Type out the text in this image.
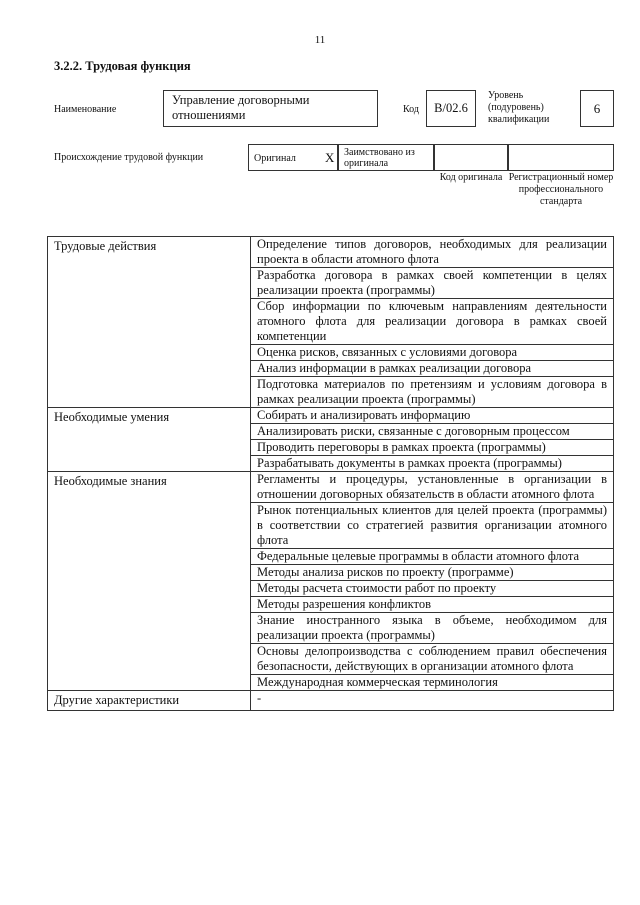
11
3.2.2. Трудовая функция
Наименование
Управление договорными отношениями	Код	B/02.6
Уровень (подуровень) квалификации
6
Происхождение трудовой функции	Оригинал X Заимствовано из оригинала
Код оригинала Регистрационный номер профессионального стандарта
Трудовые действия	Определение типов договоров, необходимых для реализации проекта в области атомного флота
	Разработка договора в рамках своей компетенции в целях реализации проекта (программы)
	Сбор информации по ключевым направлениям деятельности атомного флота для реализации договора в рамках своей компетенции
	Оценка рисков, связанных с условиями договора
	Анализ информации в рамках реализации договора
	Подготовка материалов по претензиям и условиям договора в рамках реализации проекта (программы)
Необходимые умения	Собирать и анализировать информацию
	Анализировать риски, связанные с договорным процессом
	Проводить переговоры в рамках проекта (программы)
	Разрабатывать документы в рамках проекта (программы)
Необходимые знания	Регламенты и процедуры, установленные в организации в отношении договорных обязательств в области атомного флота
	Рынок потенциальных клиентов для целей проекта (программы) в соответствии со стратегией развития организации атомного флота
	Федеральные целевые программы в области атомного флота
	Методы анализа рисков по проекту (программе)
	Методы расчета стоимости работ по проекту
	Методы разрешения конфликтов
	Знание иностранного языка в объеме, необходимом для реализации проекта (программы)
	Основы делопроизводства с соблюдением правил обеспечения безопасности, действующих в организации атомного флота
	Международная коммерческая терминология
Другие характеристики	-
